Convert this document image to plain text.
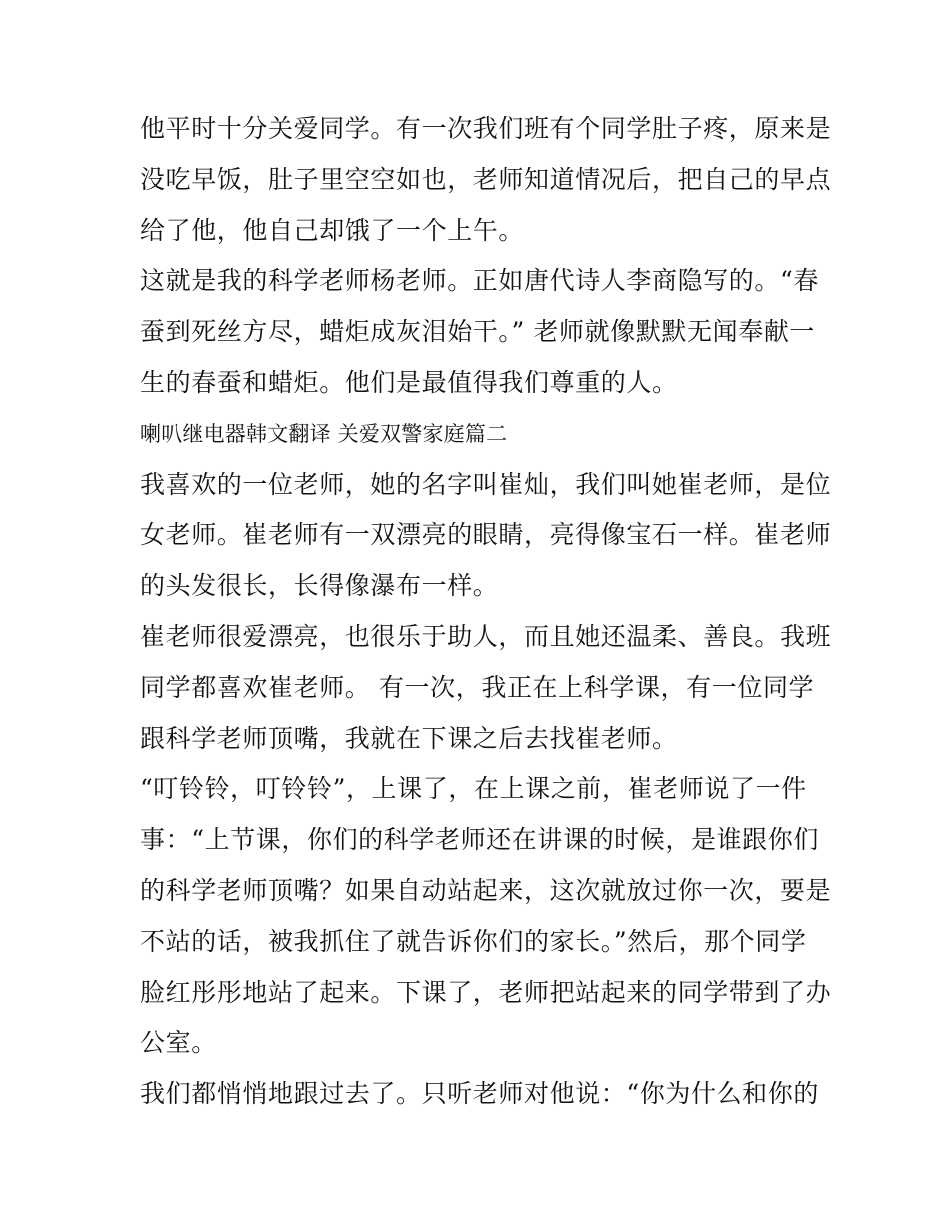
他平时十分关爱同学。有一次我们班有个同学肚子疼，原来是
没吃早饭，肚子里空空如也，老师知道情况后，把自己的早点
给了他，他自己却饿了一个上午。

这就是我的科学老师杨老师。正如唐代诗人李商隐写的。“春
蚕到死丝方尽，蜡炬成灰泪始干。” 老师就像默默无闻奉献一
生的春蚕和蜡炬。他们是最值得我们尊重的人。

喇叭继电器韩文翻译 关爱双警家庭篇二

我喜欢的一位老师，她的名字叫崔灿，我们叫她崔老师，是位
女老师。崔老师有一双漂亮的眼睛，亮得像宝石一样。崔老师
的头发很长，长得像瀑布一样。

崔老师很爱漂亮，也很乐于助人，而且她还温柔、善良。我班
同学都喜欢崔老师。 有一次，我正在上科学课，有一位同学
跟科学老师顶嘴，我就在下课之后去找崔老师。

“叮铃铃，叮铃铃”，上课了，在上课之前，崔老师说了一件
事：“上节课，你们的科学老师还在讲课的时候，是谁跟你们
的科学老师顶嘴？如果自动站起来，这次就放过你一次，要是
不站的话，被我抓住了就告诉你们的家长。”然后，那个同学
脸红彤彤地站了起来。下课了，老师把站起来的同学带到了办
公室。

我们都悄悄地跟过去了。只听老师对他说：“你为什么和你的
